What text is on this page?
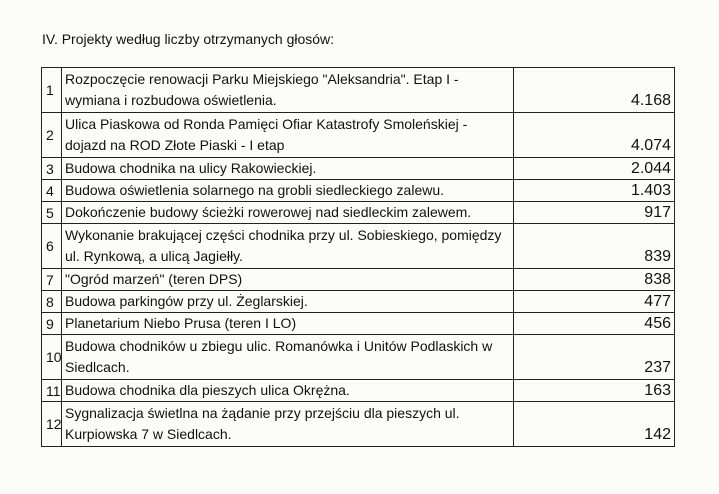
IV. Projekty według liczby otrzymanych głosów:
1	Rozpoczęcie renowacji Parku Miejskiego "Aleksandria". Etap I - wymiana i rozbudowa oświetlenia.	4.168
2	Ulica Piaskowa od Ronda Pamięci Ofiar Katastrofy Smoleńskiej - dojazd na ROD Złote Piaski - I etap	4.074
3	Budowa chodnika na ulicy Rakowieckiej.	2.044
4	Budowa oświetlenia solarnego na grobli siedleckiego zalewu.	1.403
5	Dokończenie budowy ścieżki rowerowej nad siedleckim zalewem.	917
6	Wykonanie brakującej części chodnika przy ul. Sobieskiego, pomiędzy ul. Rynkową, a ulicą Jagiełły.	839
7	"Ogród marzeń" (teren DPS)	838
8	Budowa parkingów przy ul. Żeglarskiej.	477
9	Planetarium Niebo Prusa (teren I LO)	456
10	Budowa chodników u zbiegu ulic. Romanówka i Unitów Podlaskich w Siedlcach.	237
11	Budowa chodnika dla pieszych ulica Okrężna.	163
12	Sygnalizacja świetlna na żądanie przy przejściu dla pieszych ul. Kurpiowska 7 w Siedlcach.	142
